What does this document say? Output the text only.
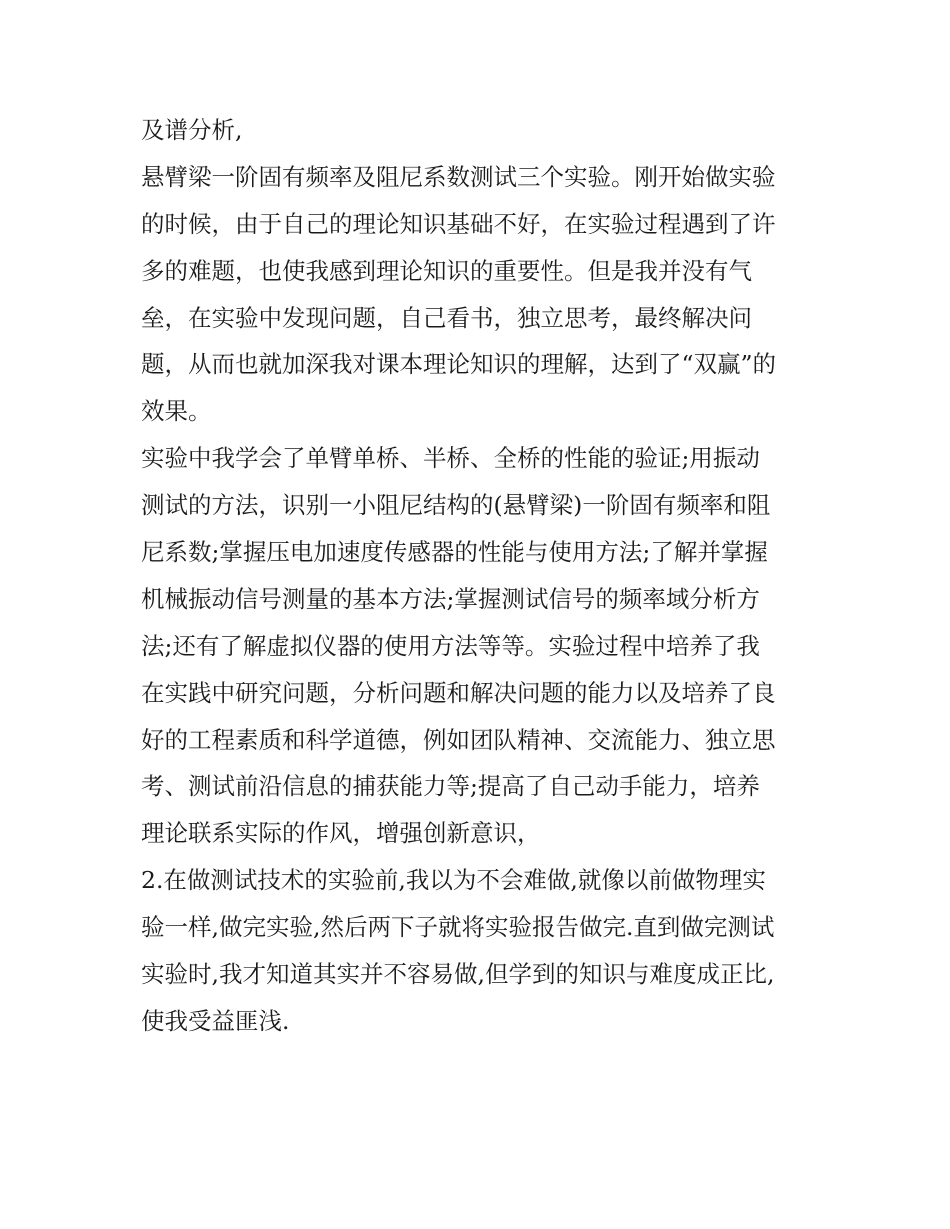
及谱分析,
悬臂梁一阶固有频率及阻尼系数测试三个实验。刚开始做实验
的时候，由于自己的理论知识基础不好，在实验过程遇到了许
多的难题，也使我感到理论知识的重要性。但是我并没有气
垒，在实验中发现问题，自己看书，独立思考，最终解决问
题，从而也就加深我对课本理论知识的理解，达到了“双赢”的
效果。
实验中我学会了单臂单桥、半桥、全桥的性能的验证;用振动
测试的方法，识别一小阻尼结构的(悬臂梁)一阶固有频率和阻
尼系数;掌握压电加速度传感器的性能与使用方法;了解并掌握
机械振动信号测量的基本方法;掌握测试信号的频率域分析方
法;还有了解虚拟仪器的使用方法等等。实验过程中培养了我
在实践中研究问题，分析问题和解决问题的能力以及培养了良
好的工程素质和科学道德，例如团队精神、交流能力、独立思
考、测试前沿信息的捕获能力等;提高了自己动手能力，培养
理论联系实际的作风，增强创新意识，
2.在做测试技术的实验前,我以为不会难做,就像以前做物理实
验一样,做完实验,然后两下子就将实验报告做完.直到做完测试
实验时,我才知道其实并不容易做,但学到的知识与难度成正比,
使我受益匪浅.
